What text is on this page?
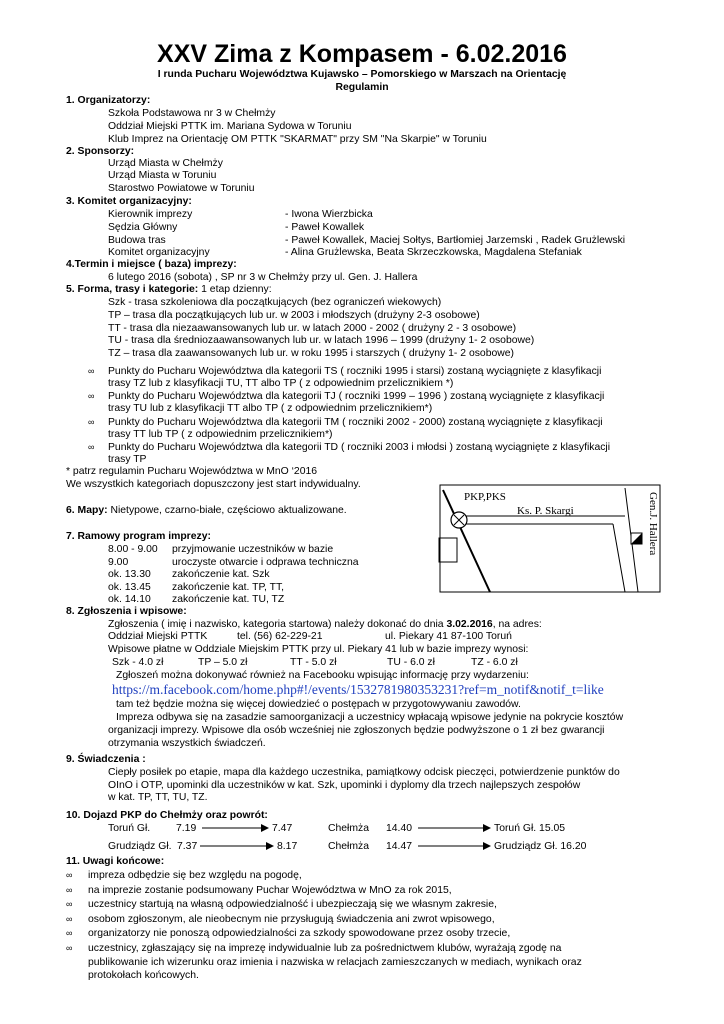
XXV Zima z Kompasem - 6.02.2016
I runda Pucharu Województwa Kujawsko – Pomorskiego w Marszach na Orientację
Regulamin
1. Organizatorzy:
Szkoła Podstawowa nr 3 w Chełmży
Oddział Miejski PTTK im. Mariana Sydowa w Toruniu
Klub Imprez na Orientację OM PTTK "SKARMAT" przy SM "Na Skarpie" w Toruniu
2. Sponsorzy:
Urząd Miasta w Chełmży
Urząd Miasta w Toruniu
Starostwo Powiatowe w Toruniu
3. Komitet organizacyjny:
Kierownik imprezy	- Iwona Wierzbicka
Sędzia Główny	- Paweł Kowallek
Budowa tras	- Paweł Kowallek, Maciej Sołtys, Bartłomiej Jarzemski , Radek Grużlewski
Komitet organizacyjny	- Alina Grużlewska, Beata Skrzeczkowska, Magdalena Stefaniak
4.Termin i miejsce ( baza) imprezy:
6 lutego 2016 (sobota) , SP nr 3 w Chełmży przy ul. Gen. J. Hallera
5. Forma, trasy i kategorie: 1 etap dzienny:
Szk - trasa szkoleniowa dla początkujących (bez ograniczeń wiekowych)
TP – trasa dla początkujących lub ur. w 2003 i młodszych (drużyny 2-3 osobowe)
TT - trasa dla niezaawansowanych lub ur. w latach 2000 - 2002 ( drużyny 2 - 3 osobowe)
TU - trasa dla średniozaawansowanych lub ur. w latach 1996 – 1999 (drużyny 1- 2 osobowe)
TZ – trasa dla zaawansowanych lub ur. w roku 1995 i starszych ( drużyny 1- 2 osobowe)
∞ Punkty do Pucharu Województwa dla kategorii TS ( roczniki 1995 i starsi) zostaną wyciągnięte z klasyfikacji
trasy TZ lub z klasyfikacji TU, TT albo TP ( z odpowiednim przelicznikiem *)
∞ Punkty do Pucharu Województwa dla kategorii TJ ( roczniki 1999 – 1996 ) zostaną wyciągnięte z klasyfikacji
trasy TU lub z klasyfikacji TT albo TP ( z odpowiednim przelicznikiem*)
∞ Punkty do Pucharu Województwa dla kategorii TM ( roczniki 2002 - 2000) zostaną wyciągnięte z klasyfikacji
trasy TT lub TP ( z odpowiednim przelicznikiem*)
∞ Punkty do Pucharu Województwa dla kategorii TD ( roczniki 2003 i młodsi ) zostaną wyciągnięte z klasyfikacji
trasy TP
* patrz regulamin Pucharu Województwa w MnO ‘2016
We wszystkich kategoriach dopuszczony jest start indywidualny.
6. Mapy: Nietypowe, czarno-białe, częściowo aktualizowane.
PKP,PKS
Ks. P. Skargi	Gen.J. Hallera
7. Ramowy program imprezy:
8.00 - 9.00 przyjmowanie uczestników w bazie
9.00	uroczyste otwarcie i odprawa techniczna
ok. 13.30 zakończenie kat. Szk
ok. 13.45 zakończenie kat. TP, TT,
ok. 14.10 zakończenie kat. TU, TZ
8. Zgłoszenia i wpisowe:
Zgłoszenia ( imię i nazwisko, kategoria startowa) należy dokonać do dnia 3.02.2016, na adres:
Oddział Miejski PTTK	tel. (56) 62-229-21	ul. Piekary 41 87-100 Toruń
Wpisowe płatne w Oddziale Miejskim PTTK przy ul. Piekary 41 lub w bazie imprezy wynosi:
Szk - 4.0 zł	TP – 5.0 zł	TT - 5.0 zł	TU - 6.0 zł	TZ - 6.0 zł
Zgłoszeń można dokonywać również na Facebooku wpisując informację przy wydarzeniu:
https://m.facebook.com/home.php#!/events/1532781980353231?ref=m_notif&notif_t=like
tam też będzie można się więcej dowiedzieć o postępach w przygotowywaniu zawodów.
Impreza odbywa się na zasadzie samoorganizacji a uczestnicy wpłacają wpisowe jedynie na pokrycie kosztów
organizacji imprezy. Wpisowe dla osób wcześniej nie zgłoszonych będzie podwyższone o 1 zł bez gwarancji
otrzymania wszystkich świadczeń.
9. Świadczenia :
Ciepły posiłek po etapie, mapa dla każdego uczestnika, pamiątkowy odcisk pieczęci, potwierdzenie punktów do
OInO i OTP, upominki dla uczestników w kat. Szk, upominki i dyplomy dla trzech najlepszych zespołów
w kat. TP, TT, TU, TZ.
10. Dojazd PKP do Chełmży oraz powrót:
Toruń Gł. 7.19	7.47	Chełmża 14.40	Toruń Gł. 15.05
Grudziądz Gł. 7.37	8.17	Chełmża 14.47	Grudziądz Gł. 16.20
11. Uwagi końcowe:
∞ impreza odbędzie się bez względu na pogodę,
∞ na imprezie zostanie podsumowany Puchar Województwa w MnO za rok 2015,
∞ uczestnicy startują na własną odpowiedzialność i ubezpieczają się we własnym zakresie,
∞ osobom zgłoszonym, ale nieobecnym nie przysługują świadczenia ani zwrot wpisowego,
∞ organizatorzy nie ponoszą odpowiedzialności za szkody spowodowane przez osoby trzecie,
∞ uczestnicy, zgłaszający się na imprezę indywidualnie lub za pośrednictwem klubów, wyrażają zgodę na
publikowanie ich wizerunku oraz imienia i nazwiska w relacjach zamieszczanych w mediach, wynikach oraz
protokołach końcowych.
